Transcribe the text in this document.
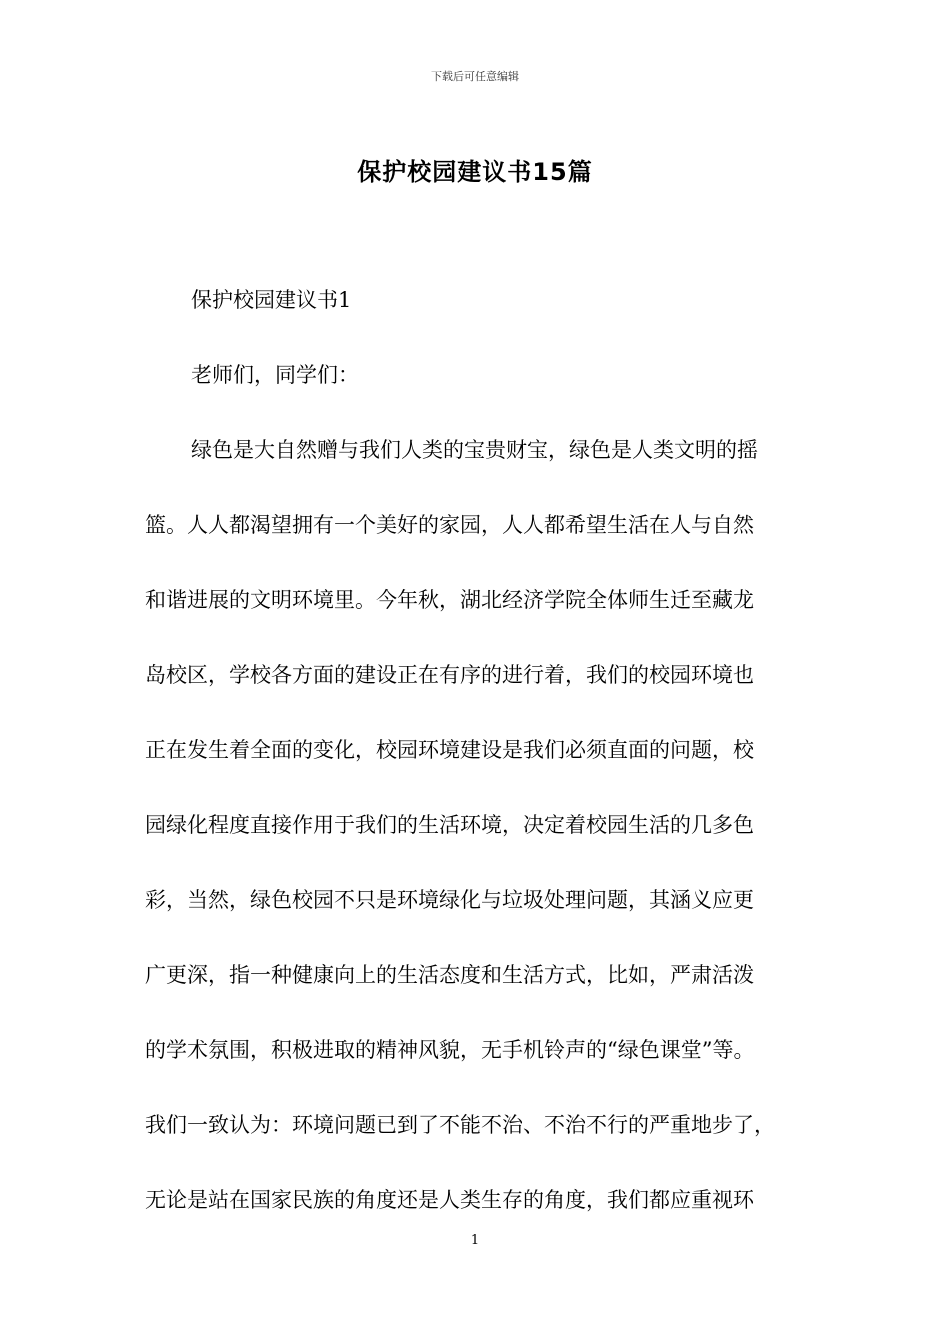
下载后可任意编辑
保护校园建议书15篇
保护校园建议书1
老师们，同学们：
绿色是大自然赠与我们人类的宝贵财宝，绿色是人类文明的摇
篮。人人都渴望拥有一个美好的家园，人人都希望生活在人与自然
和谐进展的文明环境里。今年秋，湖北经济学院全体师生迁至藏龙
岛校区，学校各方面的建设正在有序的进行着，我们的校园环境也
正在发生着全面的变化，校园环境建设是我们必须直面的问题，校
园绿化程度直接作用于我们的生活环境，决定着校园生活的几多色
彩，当然，绿色校园不只是环境绿化与垃圾处理问题，其涵义应更
广更深，指一种健康向上的生活态度和生活方式，比如，严肃活泼
的学术氛围，积极进取的精神风貌，无手机铃声的“绿色课堂”等。
我们一致认为：环境问题已到了不能不治、不治不行的严重地步了，
无论是站在国家民族的角度还是人类生存的角度，我们都应重视环
1
